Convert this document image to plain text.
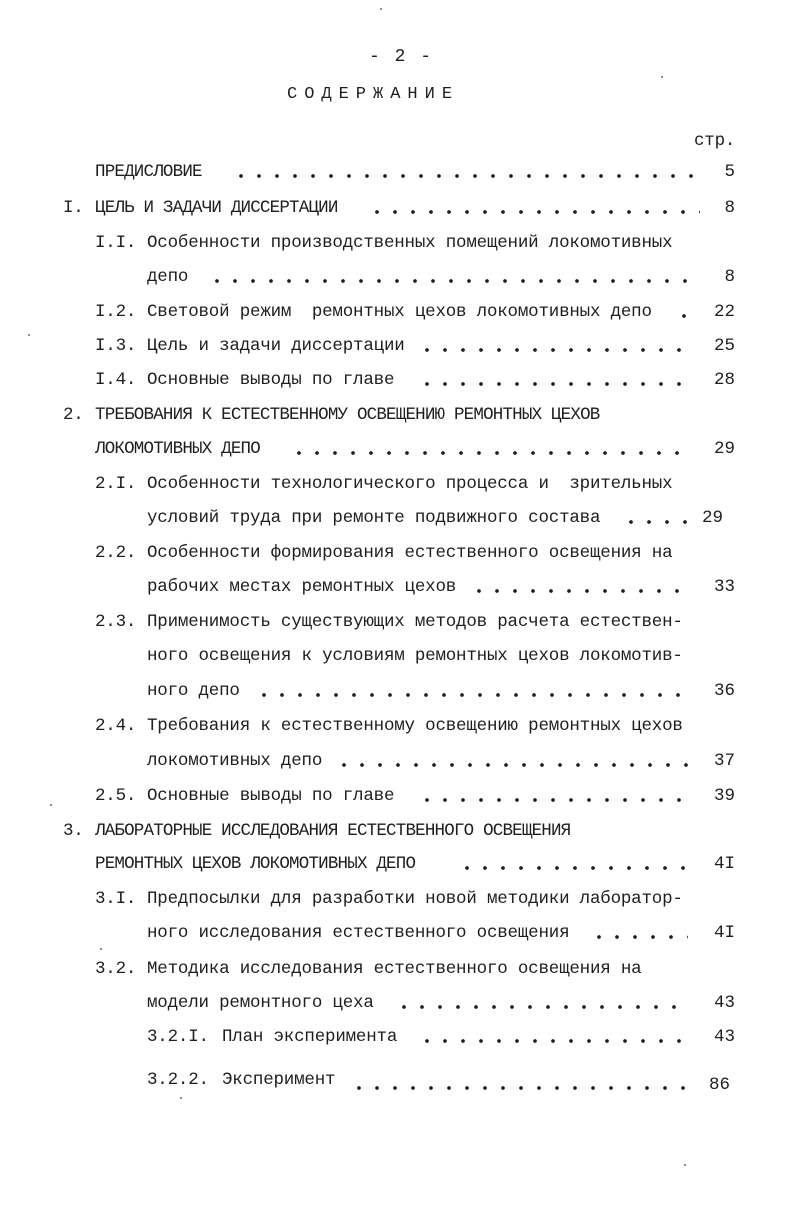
- 2 -
СОДЕРЖАНИЕ
стр.
ПРЕДИСЛОВИЕ	5
I. ЦЕЛЬ И ЗАДАЧИ ДИССЕРТАЦИИ	8
I.I. Особенности производственных помещений локомотивных
депо	8
I.2. Световой режим  ремонтных цехов локомотивных депо	22
I.3. Цель и задачи диссертации	25
I.4. Основные выводы по главе	28
2. ТРЕБОВАНИЯ К ЕСТЕСТВЕННОМУ ОСВЕЩЕНИЮ РЕМОНТНЫХ ЦЕХОВ
ЛОКОМОТИВНЫХ ДЕПО	29
2.I. Особенности технологического процесса и  зрительных
условий труда при ремонте подвижного состава	29
2.2. Особенности формирования естественного освещения на
рабочих местах ремонтных цехов	33
2.3. Применимость существующих методов расчета естествен-
ного освещения к условиям ремонтных цехов локомотив-
ного депо	36
2.4. Требования к естественному освещению ремонтных цехов
локомотивных депо	37
2.5. Основные выводы по главе	39
3. ЛАБОРАТОРНЫЕ ИССЛЕДОВАНИЯ ЕСТЕСТВЕННОГО ОСВЕЩЕНИЯ
РЕМОНТНЫХ ЦЕХОВ ЛОКОМОТИВНЫХ ДЕПО	4I
3.I. Предпосылки для разработки новой методики лаборатор-
ного исследования естественного освещения	4I
3.2. Методика исследования естественного освещения на
модели ремонтного цеха	43
3.2.I. План эксперимента	43
3.2.2. Эксперимент	86
